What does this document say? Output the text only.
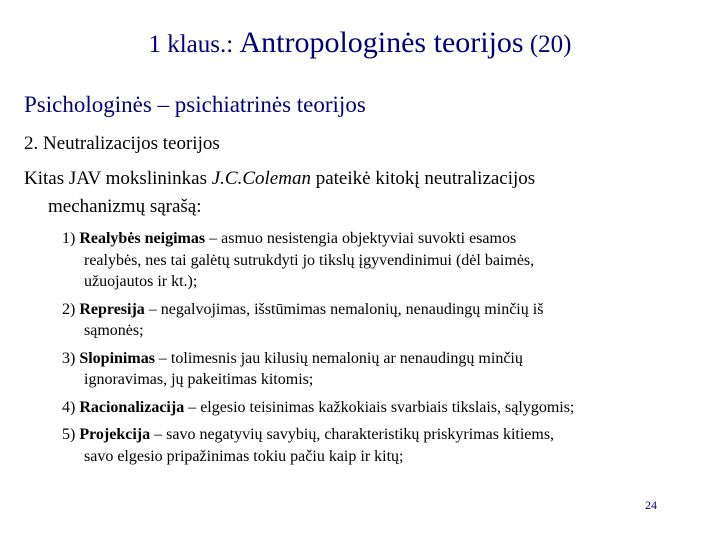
1 klaus.: Antropologinės teorijos (20)
Psichologinės – psichiatrinės teorijos
2. Neutralizacijos teorijos
Kitas JAV mokslininkas J.C.Coleman pateikė kitokį neutralizacijos
mechanizmų sąrašą:
1) Realybės neigimas – asmuo nesistengia objektyviai suvokti esamos
realybės, nes tai galėtų sutrukdyti jo tikslų įgyvendinimui (dėl baimės,
užuojautos ir kt.);
2) Represija – negalvojimas, išstūmimas nemalonių, nenaudingų minčių iš
sąmonės;
3) Slopinimas – tolimesnis jau kilusių nemalonių ar nenaudingų minčių
ignoravimas, jų pakeitimas kitomis;
4) Racionalizacija – elgesio teisinimas kažkokiais svarbiais tikslais, sąlygomis;
5) Projekcija – savo negatyvių savybių, charakteristikų priskyrimas kitiems,
savo elgesio pripažinimas tokiu pačiu kaip ir kitų;
24
